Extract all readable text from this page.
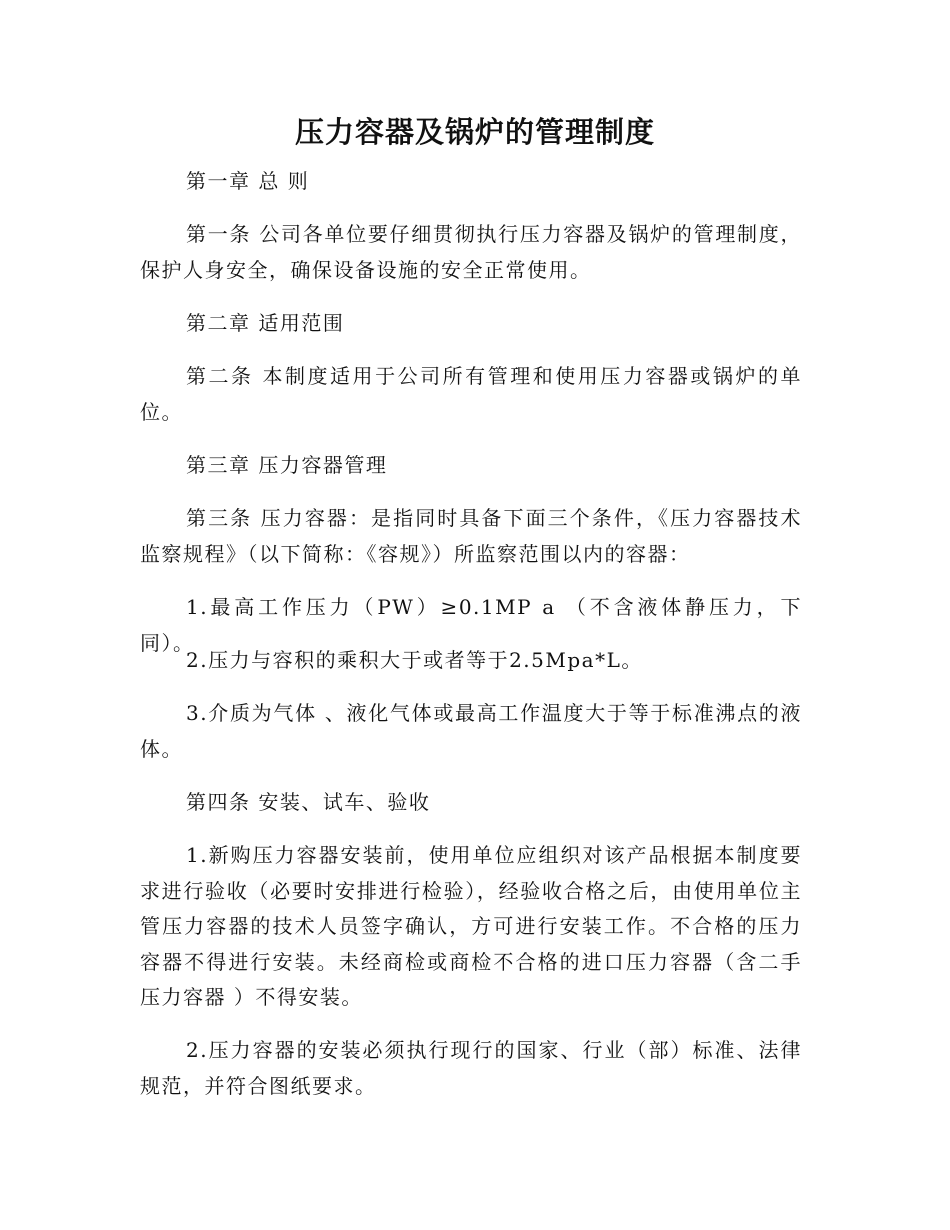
压力容器及锅炉的管理制度

第一章 总 则

第一条 公司各单位要仔细贯彻执行压力容器及锅炉的管理制度，保护人身安全，确保设备设施的安全正常使用。

第二章 适用范围

第二条 本制度适用于公司所有管理和使用压力容器或锅炉的单位。

第三章 压力容器管理

第三条 压力容器：是指同时具备下面三个条件，《压力容器技术监察规程》（以下简称：《容规》）所监察范围以内的容器：

1.最高工作压力（PW）≥0.1MP a （不含液体静压力，下同）。

2.压力与容积的乘积大于或者等于2.5Mpa*L。

3.介质为气体 、液化气体或最高工作温度大于等于标准沸点的液体。

第四条 安装、试车、验收

1.新购压力容器安装前，使用单位应组织对该产品根据本制度要求进行验收（必要时安排进行检验），经验收合格之后，由使用单位主管压力容器的技术人员签字确认，方可进行安装工作。不合格的压力容器不得进行安装。未经商检或商检不合格的进口压力容器（含二手压力容器 ）不得安装。

2.压力容器的安装必须执行现行的国家、行业（部）标准、法律规范，并符合图纸要求。
